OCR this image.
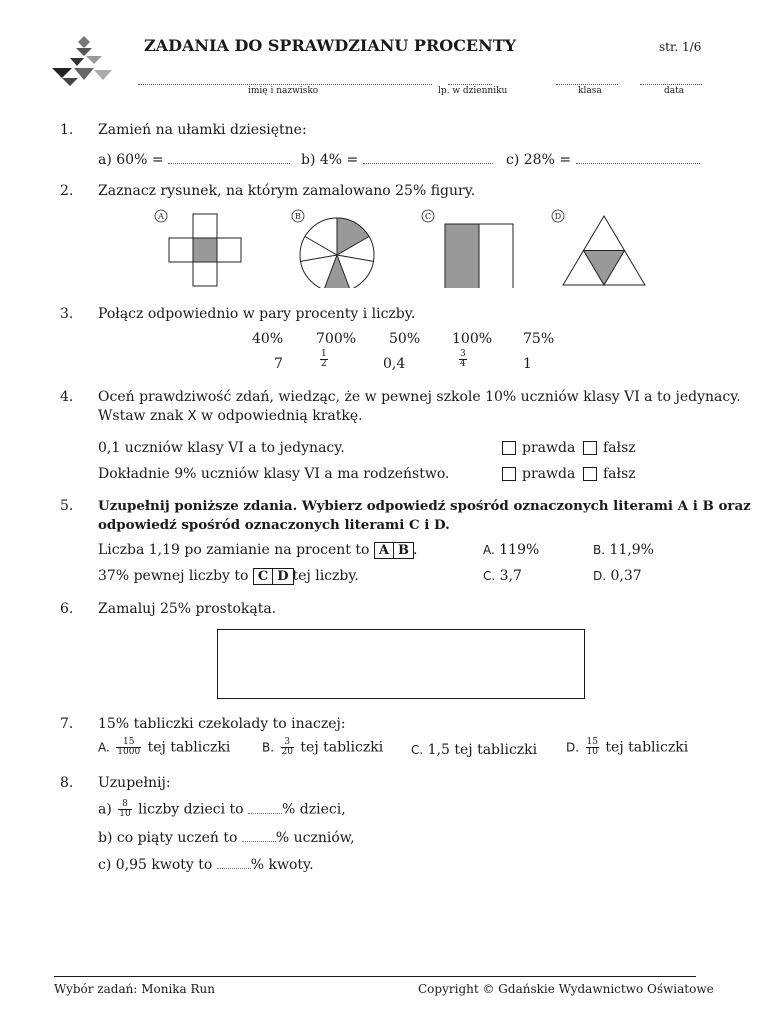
ZADANIA DO SPRAWDZIANU PROCENTY	str. 1/6
imię i nazwisko	lp. w dzienniku	klasa	data
1. Zamień na ułamki dziesiętne:
a) 60% =	b) 4% =	c) 28% =
2. Zaznacz rysunek, na którym zamalowano 25% figury.
A	B	C	D
3. Połącz odpowiednio w pary procenty i liczby.
40% 700% 50% 100% 75%
7	$\frac{1}{2}$	0,4	$\frac{3}{4}$	1
4. Oceń prawdziwość zdań, wiedząc, że w pewnej szkole 10% uczniów klasy VI a to jedynacy.
Wstaw znak X w odpowiednią kratkę.
0,1 uczniów klasy VI a to jedynacy.	prawda	fałsz
Dokładnie 9% uczniów klasy VI a ma rodzeństwo.	prawda	fałsz
5. Uzupełnij poniższe zdania. Wybierz odpowiedź spośród oznaczonych literami A i B oraz
odpowiedź spośród oznaczonych literami C i D.
Liczba 1,19 po zamianie na procent to A B .
37% pewnej liczby to C D tej liczby.
A. 119%	B. 11,9%
C. 3,7	D. 0,37
6. Zamaluj 25% prostokąta.
7. 15% tabliczki czekolady to inaczej:
A. $\frac{15}{1000}$ tej tabliczki	B. $\frac{3}{20}$ tej tabliczki C. 1,5 tej tabliczki D. $\frac{15}{10}$ tej tabliczki
8. Uzupełnij:
$a) \frac{8}{10}$ liczby dzieci to	% dzieci,
b) co piąty uczeń to	% uczniów,
c) 0,95 kwoty to	% kwoty.
Wybór zadań: Monika Run	Copyright © Gdańskie Wydawnictwo Oświatowe
